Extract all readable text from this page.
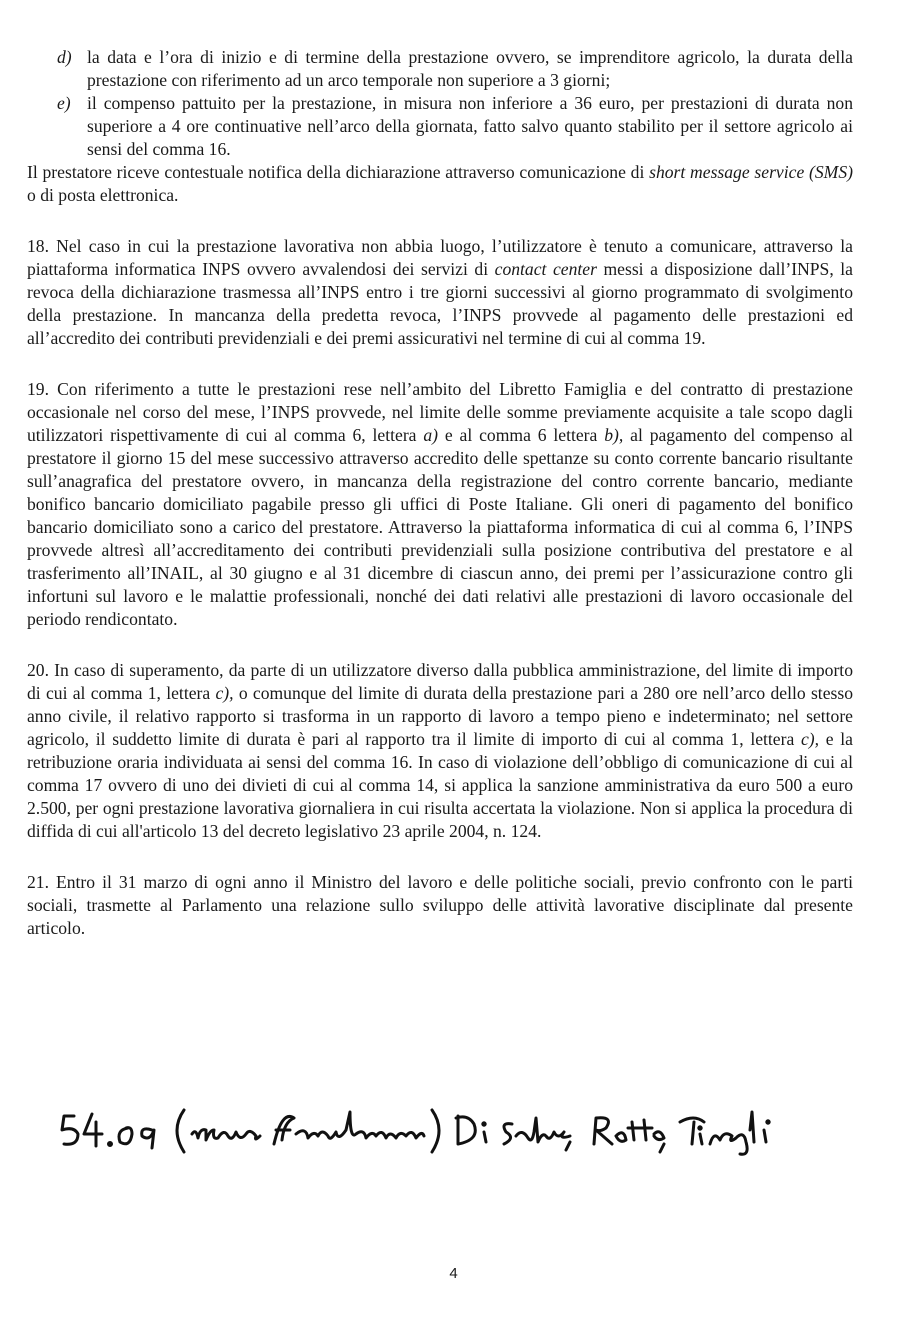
d) la data e l’ora di inizio e di termine della prestazione ovvero, se imprenditore agricolo, la durata della prestazione con riferimento ad un arco temporale non superiore a 3 giorni;
e) il compenso pattuito per la prestazione, in misura non inferiore a 36 euro, per prestazioni di durata non superiore a 4 ore continuative nell’arco della giornata, fatto salvo quanto stabilito per il settore agricolo ai sensi del comma 16.

Il prestatore riceve contestuale notifica della dichiarazione attraverso comunicazione di short message service (SMS) o di posta elettronica.

18. Nel caso in cui la prestazione lavorativa non abbia luogo, l’utilizzatore è tenuto a comunicare, attraverso la piattaforma informatica INPS ovvero avvalendosi dei servizi di contact center messi a disposizione dall’INPS, la revoca della dichiarazione trasmessa all’INPS entro i tre giorni successivi al giorno programmato di svolgimento della prestazione. In mancanza della predetta revoca, l’INPS provvede al pagamento delle prestazioni ed all’accredito dei contributi previdenziali e dei premi assicurativi nel termine di cui al comma 19.

19. Con riferimento a tutte le prestazioni rese nell’ambito del Libretto Famiglia e del contratto di prestazione occasionale nel corso del mese, l’INPS provvede, nel limite delle somme previamente acquisite a tale scopo dagli utilizzatori rispettivamente di cui al comma 6, lettera a) e al comma 6 lettera b), al pagamento del compenso al prestatore il giorno 15 del mese successivo attraverso accredito delle spettanze su conto corrente bancario risultante sull’anagrafica del prestatore ovvero, in mancanza della registrazione del contro corrente bancario, mediante bonifico bancario domiciliato pagabile presso gli uffici di Poste Italiane. Gli oneri di pagamento del bonifico bancario domiciliato sono a carico del prestatore. Attraverso la piattaforma informatica di cui al comma 6, l’INPS provvede altresì all’accreditamento dei contributi previdenziali sulla posizione contributiva del prestatore e al trasferimento all’INAIL, al 30 giugno e al 31 dicembre di ciascun anno, dei premi per l’assicurazione contro gli infortuni sul lavoro e le malattie professionali, nonché dei dati relativi alle prestazioni di lavoro occasionale del periodo rendicontato.

20. In caso di superamento, da parte di un utilizzatore diverso dalla pubblica amministrazione, del limite di importo di cui al comma 1, lettera c), o comunque del limite di durata della prestazione pari a 280 ore nell’arco dello stesso anno civile, il relativo rapporto si trasforma in un rapporto di lavoro a tempo pieno e indeterminato; nel settore agricolo, il suddetto limite di durata è pari al rapporto tra il limite di importo di cui al comma 1, lettera c), e la retribuzione oraria individuata ai sensi del comma 16. In caso di violazione dell’obbligo di comunicazione di cui al comma 17 ovvero di uno dei divieti di cui al comma 14, si applica la sanzione amministrativa da euro 500 a euro 2.500, per ogni prestazione lavorativa giornaliera in cui risulta accertata la violazione. Non si applica la procedura di diffida di cui all'articolo 13 del decreto legislativo 23 aprile 2004, n. 124.

21. Entro il 31 marzo di ogni anno il Ministro del lavoro e delle politiche sociali, previo confronto con le parti sociali, trasmette al Parlamento una relazione sullo sviluppo delle attività lavorative disciplinate dal presente articolo.

4
